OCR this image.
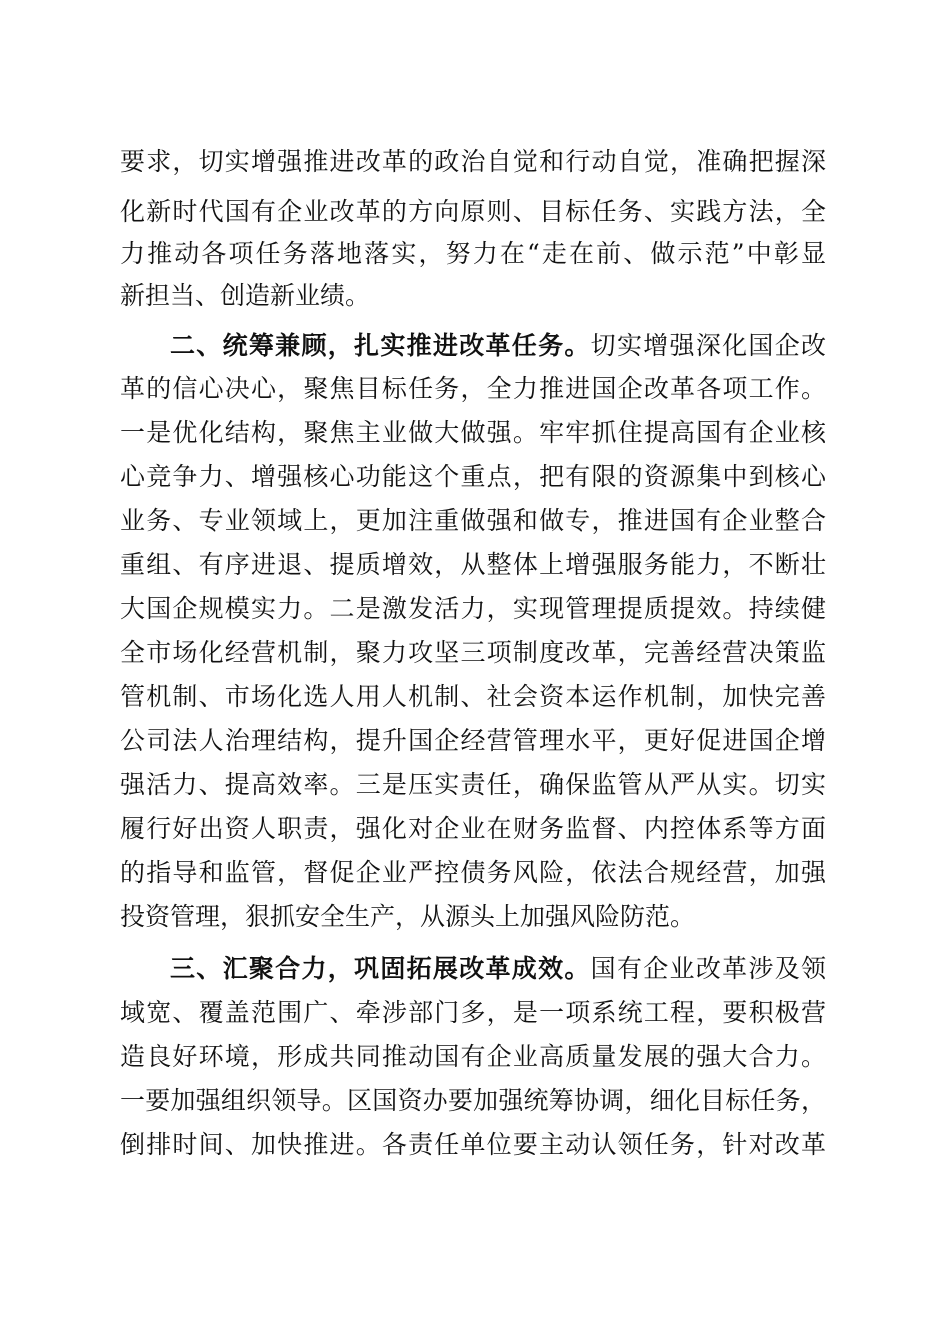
要求，切实增强推进改革的政治自觉和行动自觉，准确把握深
化新时代国有企业改革的方向原则、目标任务、实践方法，全
力推动各项任务落地落实，努力在“走在前、做示范”中彰显
新担当、创造新业绩。
二、统筹兼顾，扎实推进改革任务。切实增强深化国企改
革的信心决心，聚焦目标任务，全力推进国企改革各项工作。
一是优化结构，聚焦主业做大做强。牢牢抓住提高国有企业核
心竞争力、增强核心功能这个重点，把有限的资源集中到核心
业务、专业领域上，更加注重做强和做专，推进国有企业整合
重组、有序进退、提质增效，从整体上增强服务能力，不断壮
大国企规模实力。二是激发活力，实现管理提质提效。持续健
全市场化经营机制，聚力攻坚三项制度改革，完善经营决策监
管机制、市场化选人用人机制、社会资本运作机制，加快完善
公司法人治理结构，提升国企经营管理水平，更好促进国企增
强活力、提高效率。三是压实责任，确保监管从严从实。切实
履行好出资人职责，强化对企业在财务监督、内控体系等方面
的指导和监管，督促企业严控债务风险，依法合规经营，加强
投资管理，狠抓安全生产，从源头上加强风险防范。
三、汇聚合力，巩固拓展改革成效。国有企业改革涉及领
域宽、覆盖范围广、牵涉部门多，是一项系统工程，要积极营
造良好环境，形成共同推动国有企业高质量发展的强大合力。
一要加强组织领导。区国资办要加强统筹协调，细化目标任务，
倒排时间、加快推进。各责任单位要主动认领任务，针对改革
